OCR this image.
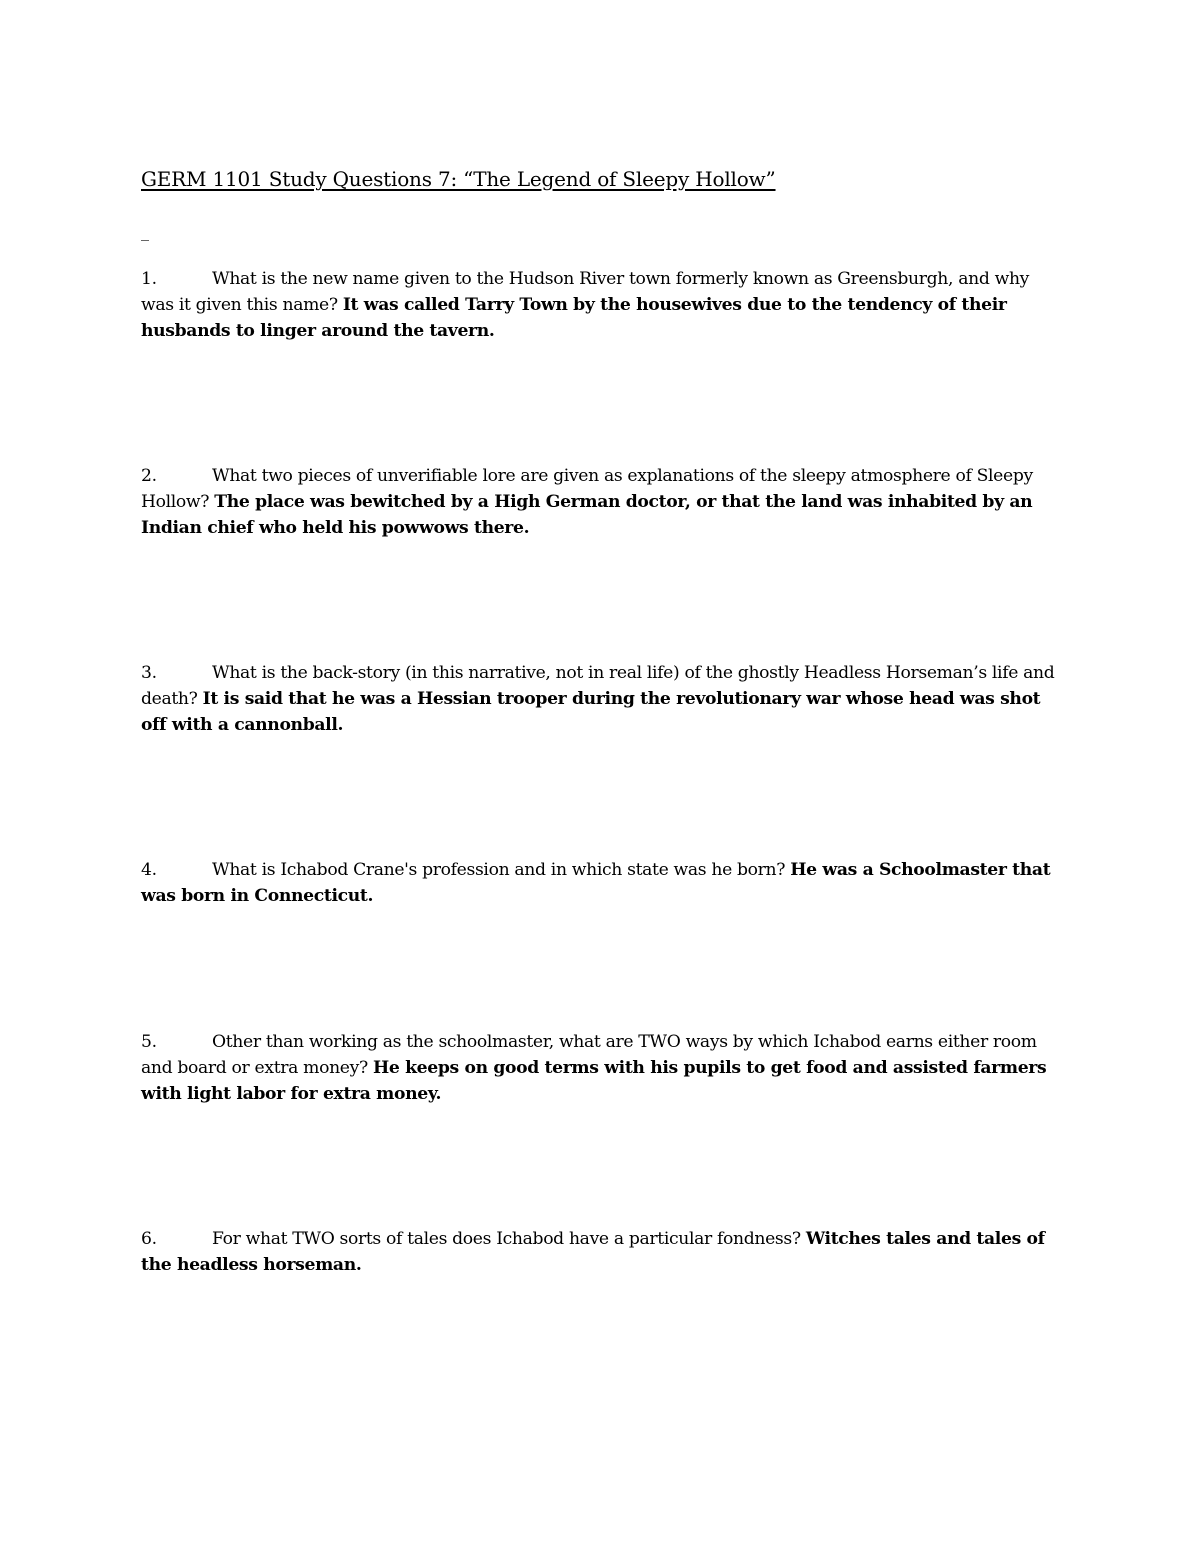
GERM 1101 Study Questions 7: “The Legend of Sleepy Hollow”
_
1.	What is the new name given to the Hudson River town formerly known as Greensburgh, and why was it given this name? It was called Tarry Town by the housewives due to the tendency of their husbands to linger around the tavern.
2.	What two pieces of unverifiable lore are given as explanations of the sleepy atmosphere of Sleepy Hollow? The place was bewitched by a High German doctor, or that the land was inhabited by an Indian chief who held his powwows there.
3.	What is the back-story (in this narrative, not in real life) of the ghostly Headless Horseman’s life and death? It is said that he was a Hessian trooper during the revolutionary war whose head was shot off with a cannonball.
4.	What is Ichabod Crane's profession and in which state was he born? He was a Schoolmaster that was born in Connecticut.
5.	Other than working as the schoolmaster, what are TWO ways by which Ichabod earns either room and board or extra money? He keeps on good terms with his pupils to get food and assisted farmers with light labor for extra money.
6.	For what TWO sorts of tales does Ichabod have a particular fondness? Witches tales and tales of the headless horseman.
